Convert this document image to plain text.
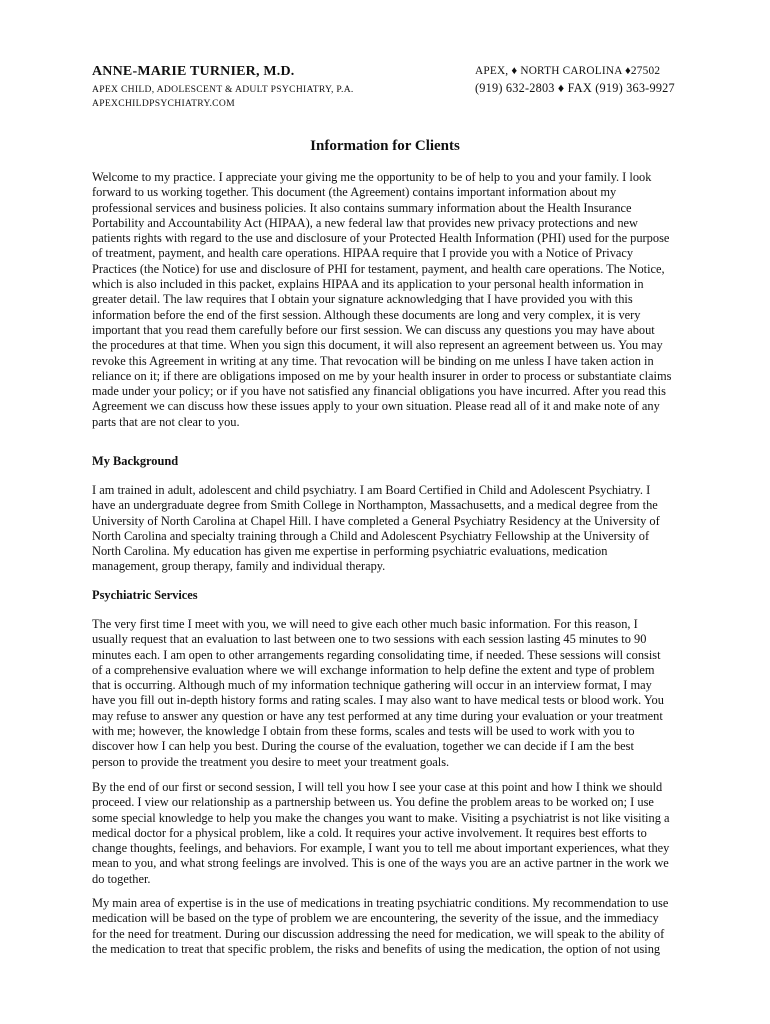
ANNE-MARIE TURNIER, M.D.
APEX CHILD, ADOLESCENT & ADULT PSYCHIATRY, P.A.
APEXCHILDPSYCHIATRY.COM
APEX, ♦ NORTH CAROLINA ♦27502
(919) 632-2803 ♦ FAX (919) 363-9927
Information for Clients
Welcome to my practice. I appreciate your giving me the opportunity to be of help to you and your family. I look
forward to us working together. This document (the Agreement) contains important information about my
professional services and business policies. It also contains summary information about the Health Insurance
Portability and Accountability Act (HIPAA), a new federal law that provides new privacy protections and new
patients rights with regard to the use and disclosure of your Protected Health Information (PHI) used for the purpose
of treatment, payment, and health care operations. HIPAA require that I provide you with a Notice of Privacy
Practices (the Notice) for use and disclosure of PHI for testament, payment, and health care operations. The Notice,
which is also included in this packet, explains HIPAA and its application to your personal health information in
greater detail. The law requires that I obtain your signature acknowledging that I have provided you with this
information before the end of the first session. Although these documents are long and very complex, it is very
important that you read them carefully before our first session. We can discuss any questions you may have about
the procedures at that time. When you sign this document, it will also represent an agreement between us. You may
revoke this Agreement in writing at any time. That revocation will be binding on me unless I have taken action in
reliance on it; if there are obligations imposed on me by your health insurer in order to process or substantiate claims
made under your policy; or if you have not satisfied any financial obligations you have incurred. After you read this
Agreement we can discuss how these issues apply to your own situation. Please read all of it and make note of any
parts that are not clear to you.
My Background
I am trained in adult, adolescent and child psychiatry. I am Board Certified in Child and Adolescent Psychiatry. I
have an undergraduate degree from Smith College in Northampton, Massachusetts, and a medical degree from the
University of North Carolina at Chapel Hill. I have completed a General Psychiatry Residency at the University of
North Carolina and specialty training through a Child and Adolescent Psychiatry Fellowship at the University of
North Carolina. My education has given me expertise in performing psychiatric evaluations, medication
management, group therapy, family and individual therapy.
Psychiatric Services
The very first time I meet with you, we will need to give each other much basic information. For this reason, I
usually request that an evaluation to last between one to two sessions with each session lasting 45 minutes to 90
minutes each. I am open to other arrangements regarding consolidating time, if needed. These sessions will consist
of a comprehensive evaluation where we will exchange information to help define the extent and type of problem
that is occurring. Although much of my information technique gathering will occur in an interview format, I may
have you fill out in-depth history forms and rating scales. I may also want to have medical tests or blood work. You
may refuse to answer any question or have any test performed at any time during your evaluation or your treatment
with me; however, the knowledge I obtain from these forms, scales and tests will be used to work with you to
discover how I can help you best. During the course of the evaluation, together we can decide if I am the best
person to provide the treatment you desire to meet your treatment goals.
By the end of our first or second session, I will tell you how I see your case at this point and how I think we should
proceed. I view our relationship as a partnership between us. You define the problem areas to be worked on; I use
some special knowledge to help you make the changes you want to make. Visiting a psychiatrist is not like visiting a
medical doctor for a physical problem, like a cold. It requires your active involvement. It requires best efforts to
change thoughts, feelings, and behaviors. For example, I want you to tell me about important experiences, what they
mean to you, and what strong feelings are involved. This is one of the ways you are an active partner in the work we
do together.
My main area of expertise is in the use of medications in treating psychiatric conditions. My recommendation to use
medication will be based on the type of problem we are encountering, the severity of the issue, and the immediacy
for the need for treatment. During our discussion addressing the need for medication, we will speak to the ability of
the medication to treat that specific problem, the risks and benefits of using the medication, the option of not using
